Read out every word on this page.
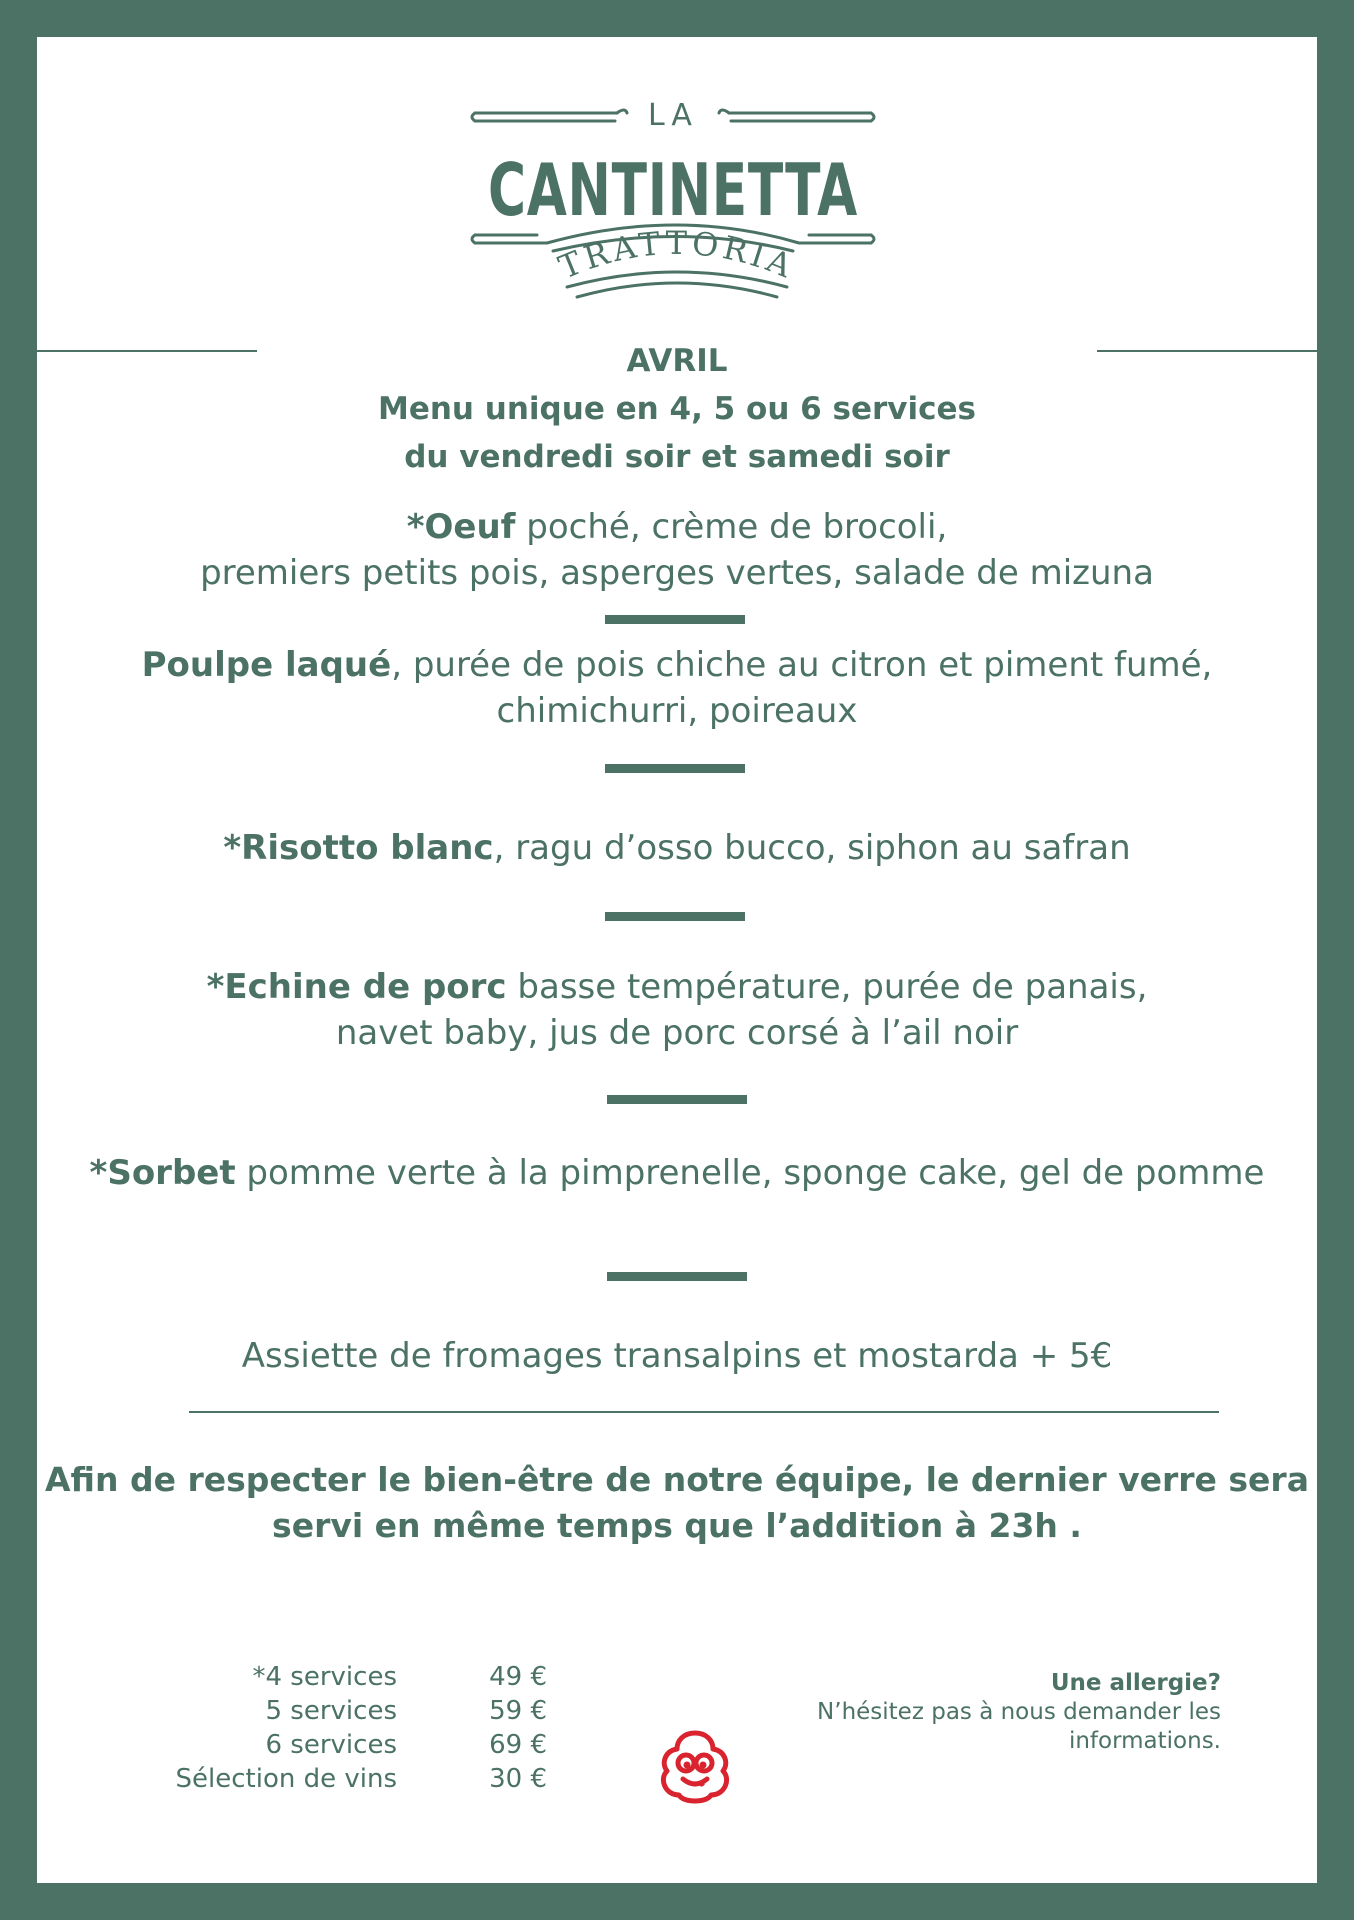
LA
CANTINETTA
TRATTORIA
AVRIL
Menu unique en 4, 5 ou 6 services
du vendredi soir et samedi soir
*Oeuf poché, crème de brocoli,
premiers petits pois, asperges vertes, salade de mizuna
Poulpe laqué, purée de pois chiche au citron et piment fumé,
chimichurri, poireaux
*Risotto blanc, ragu d’osso bucco, siphon au safran
*Echine de porc basse température, purée de panais,
navet baby, jus de porc corsé à l’ail noir
*Sorbet pomme verte à la pimprenelle, sponge cake, gel de pomme
Assiette de fromages transalpins et mostarda + 5€
Afin de respecter le bien-être de notre équipe, le dernier verre sera
servi en même temps que l’addition à 23h .
*4 services	49 €
5 services	59 €
6 services	69 €
Sélection de vins	30 €
Une allergie?
N’hésitez pas à nous demander les
informations.
